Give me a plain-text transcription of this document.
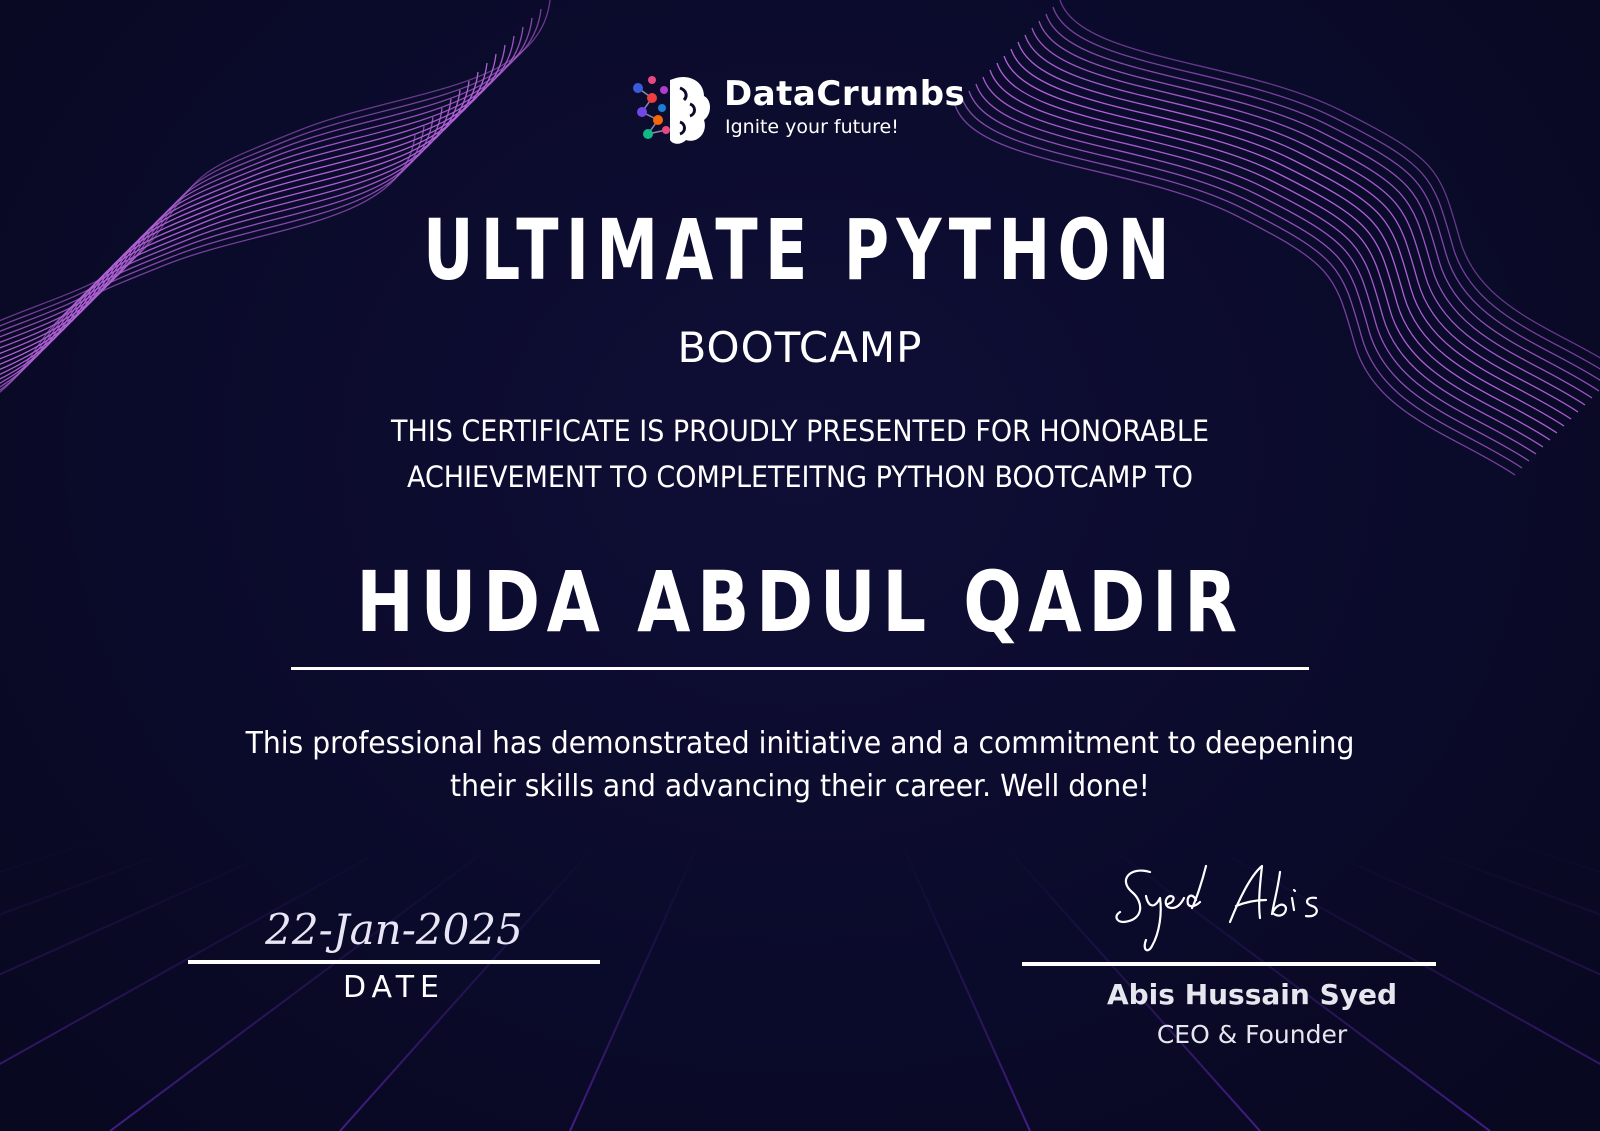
DataCrumbs
Ignite your future!
ULTIMATE PYTHON
BOOTCAMP
THIS CERTIFICATE IS PROUDLY PRESENTED FOR HONORABLE
ACHIEVEMENT TO COMPLETEITNG PYTHON BOOTCAMP TO
HUDA ABDUL QADIR
This professional has demonstrated initiative and a commitment to deepening
their skills and advancing their career. Well done!
22-Jan-2025
DATE	Abis Hussain Syed
CEO & Founder
